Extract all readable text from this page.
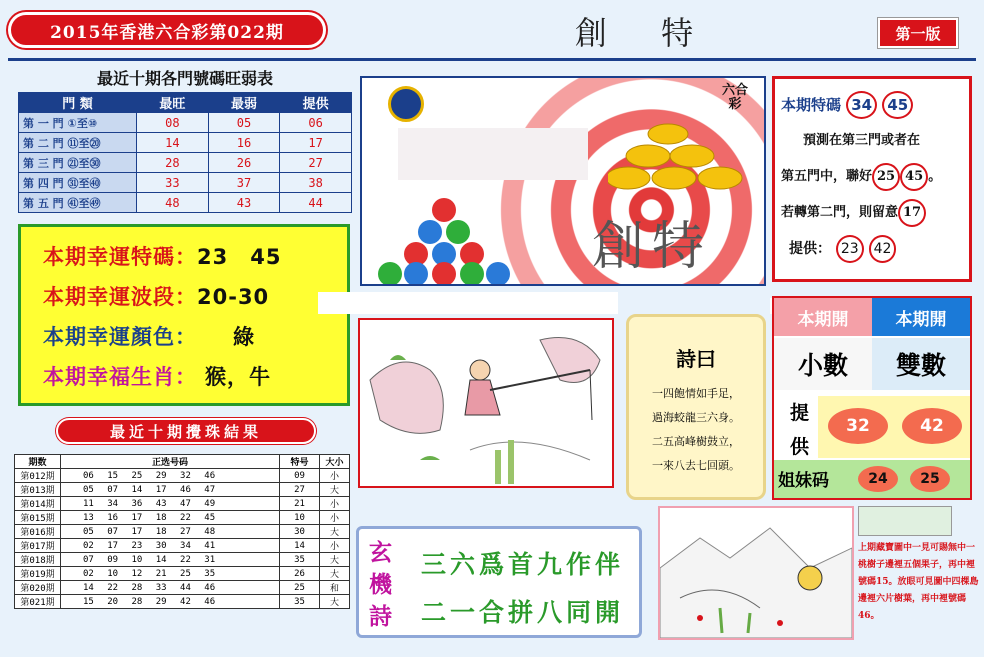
2015年香港六合彩第022期	創 特	第一版
最近十期各門號碼旺弱表
門 類	最旺	最弱	提供
第 一 門 ①至⑩	08	05	06
第 二 門 ⑪至⑳	14	16	17
第 三 門 ㉑至㉚	28	26	27
第 四 門 ㉛至㊵	33	37	38
第 五 門 ㊶至㊾	48	43	44
本期幸運特碼：23　45
本期幸運波段：20-30
本期幸運顏色： 綠
本期幸福生肖： 猴，牛
最近十期攪珠結果
期数	正选号码	特号	大小
第012期	06 15 25 29 32 46	09	小
第013期	05 07 14 17 46 47	27	大
第014期	11 34 36 43 47 49	21	小
第015期	13 16 17 18 22 45	10	小
第016期	05 07 17 18 27 48	30	大
第017期	02 17 23 30 34 41	14	小
第018期	07 09 10 14 22 31	35	大
第019期	02 10 12 21 25 35	26	大
第020期	14 22 28 33 44 46	25	和
第021期	15 20 28 29 42 46	35	大
六合彩
創特
本期特碼 34 45
預測在第三門或者在
第五門中，聯好 25 45 。
若轉第二門，則留意 17
提供： 23 42
詩曰
一四飽情如手足，
過海蛟龍三六身。
二五高峰樹鼓立，
一來八去七回頭。
本期開	本期開
小數	雙數
提供
32	42
姐妹码	24	25
玄機詩
三六爲首九作伴
二一合拼八同開
上期藏寶圖中一見可賜無中一桃樹子邊裡五個果子，再中裡號碼15。放眼可見圖中四棵島邊裡六片樹葉，再中裡號碼46。
